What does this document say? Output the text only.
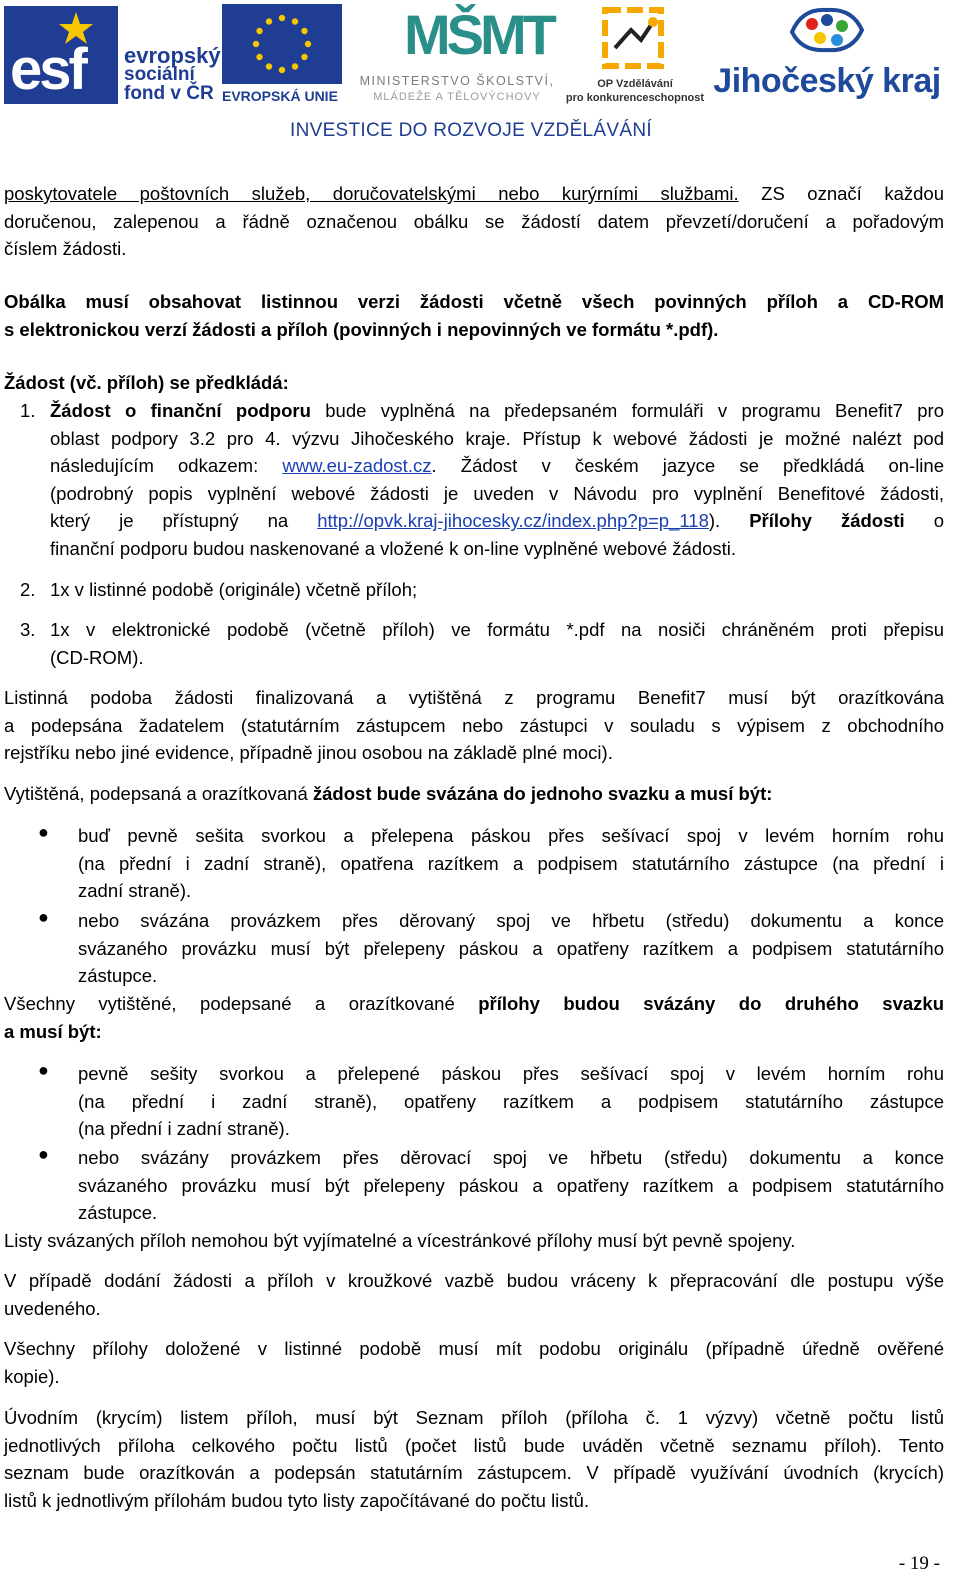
esf evropský
sociální
fond v ČR EVROPSKÁ UNIE
MŠMT
MINISTERSTVO ŠKOLSTVÍ,
MLÁDEŽE A TĚLOVÝCHOVY
OP Vzdělávání
pro konkurenceschopnost Jihočeský kraj
INVESTICE DO ROZVOJE VZDĚLÁVÁNÍ
poskytovatele poštovních služeb, doručovatelskými nebo kurýrními službami. ZS označí každou
doručenou, zalepenou a řádně označenou obálku se žádostí datem převzetí/doručení a pořadovým
číslem žádosti.
Obálka musí obsahovat listinnou verzi žádosti včetně všech povinných příloh a CD-ROM
s elektronickou verzí žádosti a příloh (povinných i nepovinných ve formátu *.pdf).
Žádost (vč. příloh) se předkládá:
1. Žádost o finanční podporu bude vyplněná na předepsaném formuláři v programu Benefit7 pro
oblast podpory 3.2 pro 4. výzvu Jihočeského kraje. Přístup k webové žádosti je možné nalézt pod
následujícím odkazem: www.eu-zadost.cz. Žádost v českém jazyce se předkládá on-line
(podrobný popis vyplnění webové žádosti je uveden v Návodu pro vyplnění Benefitové žádosti,
který je přístupný na http://opvk.kraj-jihocesky.cz/index.php?p=p_118). Přílohy žádosti o
finanční podporu budou naskenované a vložené k on-line vyplněné webové žádosti.
2. 1x v listinné podobě (originále) včetně příloh;
3. 1x v elektronické podobě (včetně příloh) ve formátu *.pdf na nosiči chráněném proti přepisu
(CD-ROM).
Listinná podoba žádosti finalizovaná a vytištěná z programu Benefit7 musí být orazítkována
a podepsána žadatelem (statutárním zástupcem nebo zástupci v souladu s výpisem z obchodního
rejstříku nebo jiné evidence, případně jinou osobou na základě plné moci).
Vytištěná, podepsaná a orazítkovaná žádost bude svázána do jednoho svazku a musí být:
● buď pevně sešita svorkou a přelepena páskou přes sešívací spoj v levém horním rohu
(na přední i zadní straně), opatřena razítkem a podpisem statutárního zástupce (na přední i
zadní straně).
● nebo svázána provázkem přes děrovaný spoj ve hřbetu (středu) dokumentu a konce
svázaného provázku musí být přelepeny páskou a opatřeny razítkem a podpisem statutárního
zástupce.
Všechny vytištěné, podepsané a orazítkované přílohy budou svázány do druhého svazku
a musí být:
● pevně sešity svorkou a přelepené páskou přes sešívací spoj v levém horním rohu
(na přední i zadní straně), opatřeny razítkem a podpisem statutárního zástupce
(na přední i zadní straně).
● nebo svázány provázkem přes děrovací spoj ve hřbetu (středu) dokumentu a konce
svázaného provázku musí být přelepeny páskou a opatřeny razítkem a podpisem statutárního
zástupce.
Listy svázaných příloh nemohou být vyjímatelné a vícestránkové přílohy musí být pevně spojeny.
V případě dodání žádosti a příloh v kroužkové vazbě budou vráceny k přepracování dle postupu výše
uvedeného.
Všechny přílohy doložené v listinné podobě musí mít podobu originálu (případně úředně ověřené
kopie).
Úvodním (krycím) listem příloh, musí být Seznam příloh (příloha č. 1 výzvy) včetně počtu listů
jednotlivých příloha celkového počtu listů (počet listů bude uváděn včetně seznamu příloh). Tento
seznam bude orazítkován a podepsán statutárním zástupcem. V případě využívání úvodních (krycích)
listů k jednotlivým přílohám budou tyto listy započítávané do počtu listů.
- 19 -
